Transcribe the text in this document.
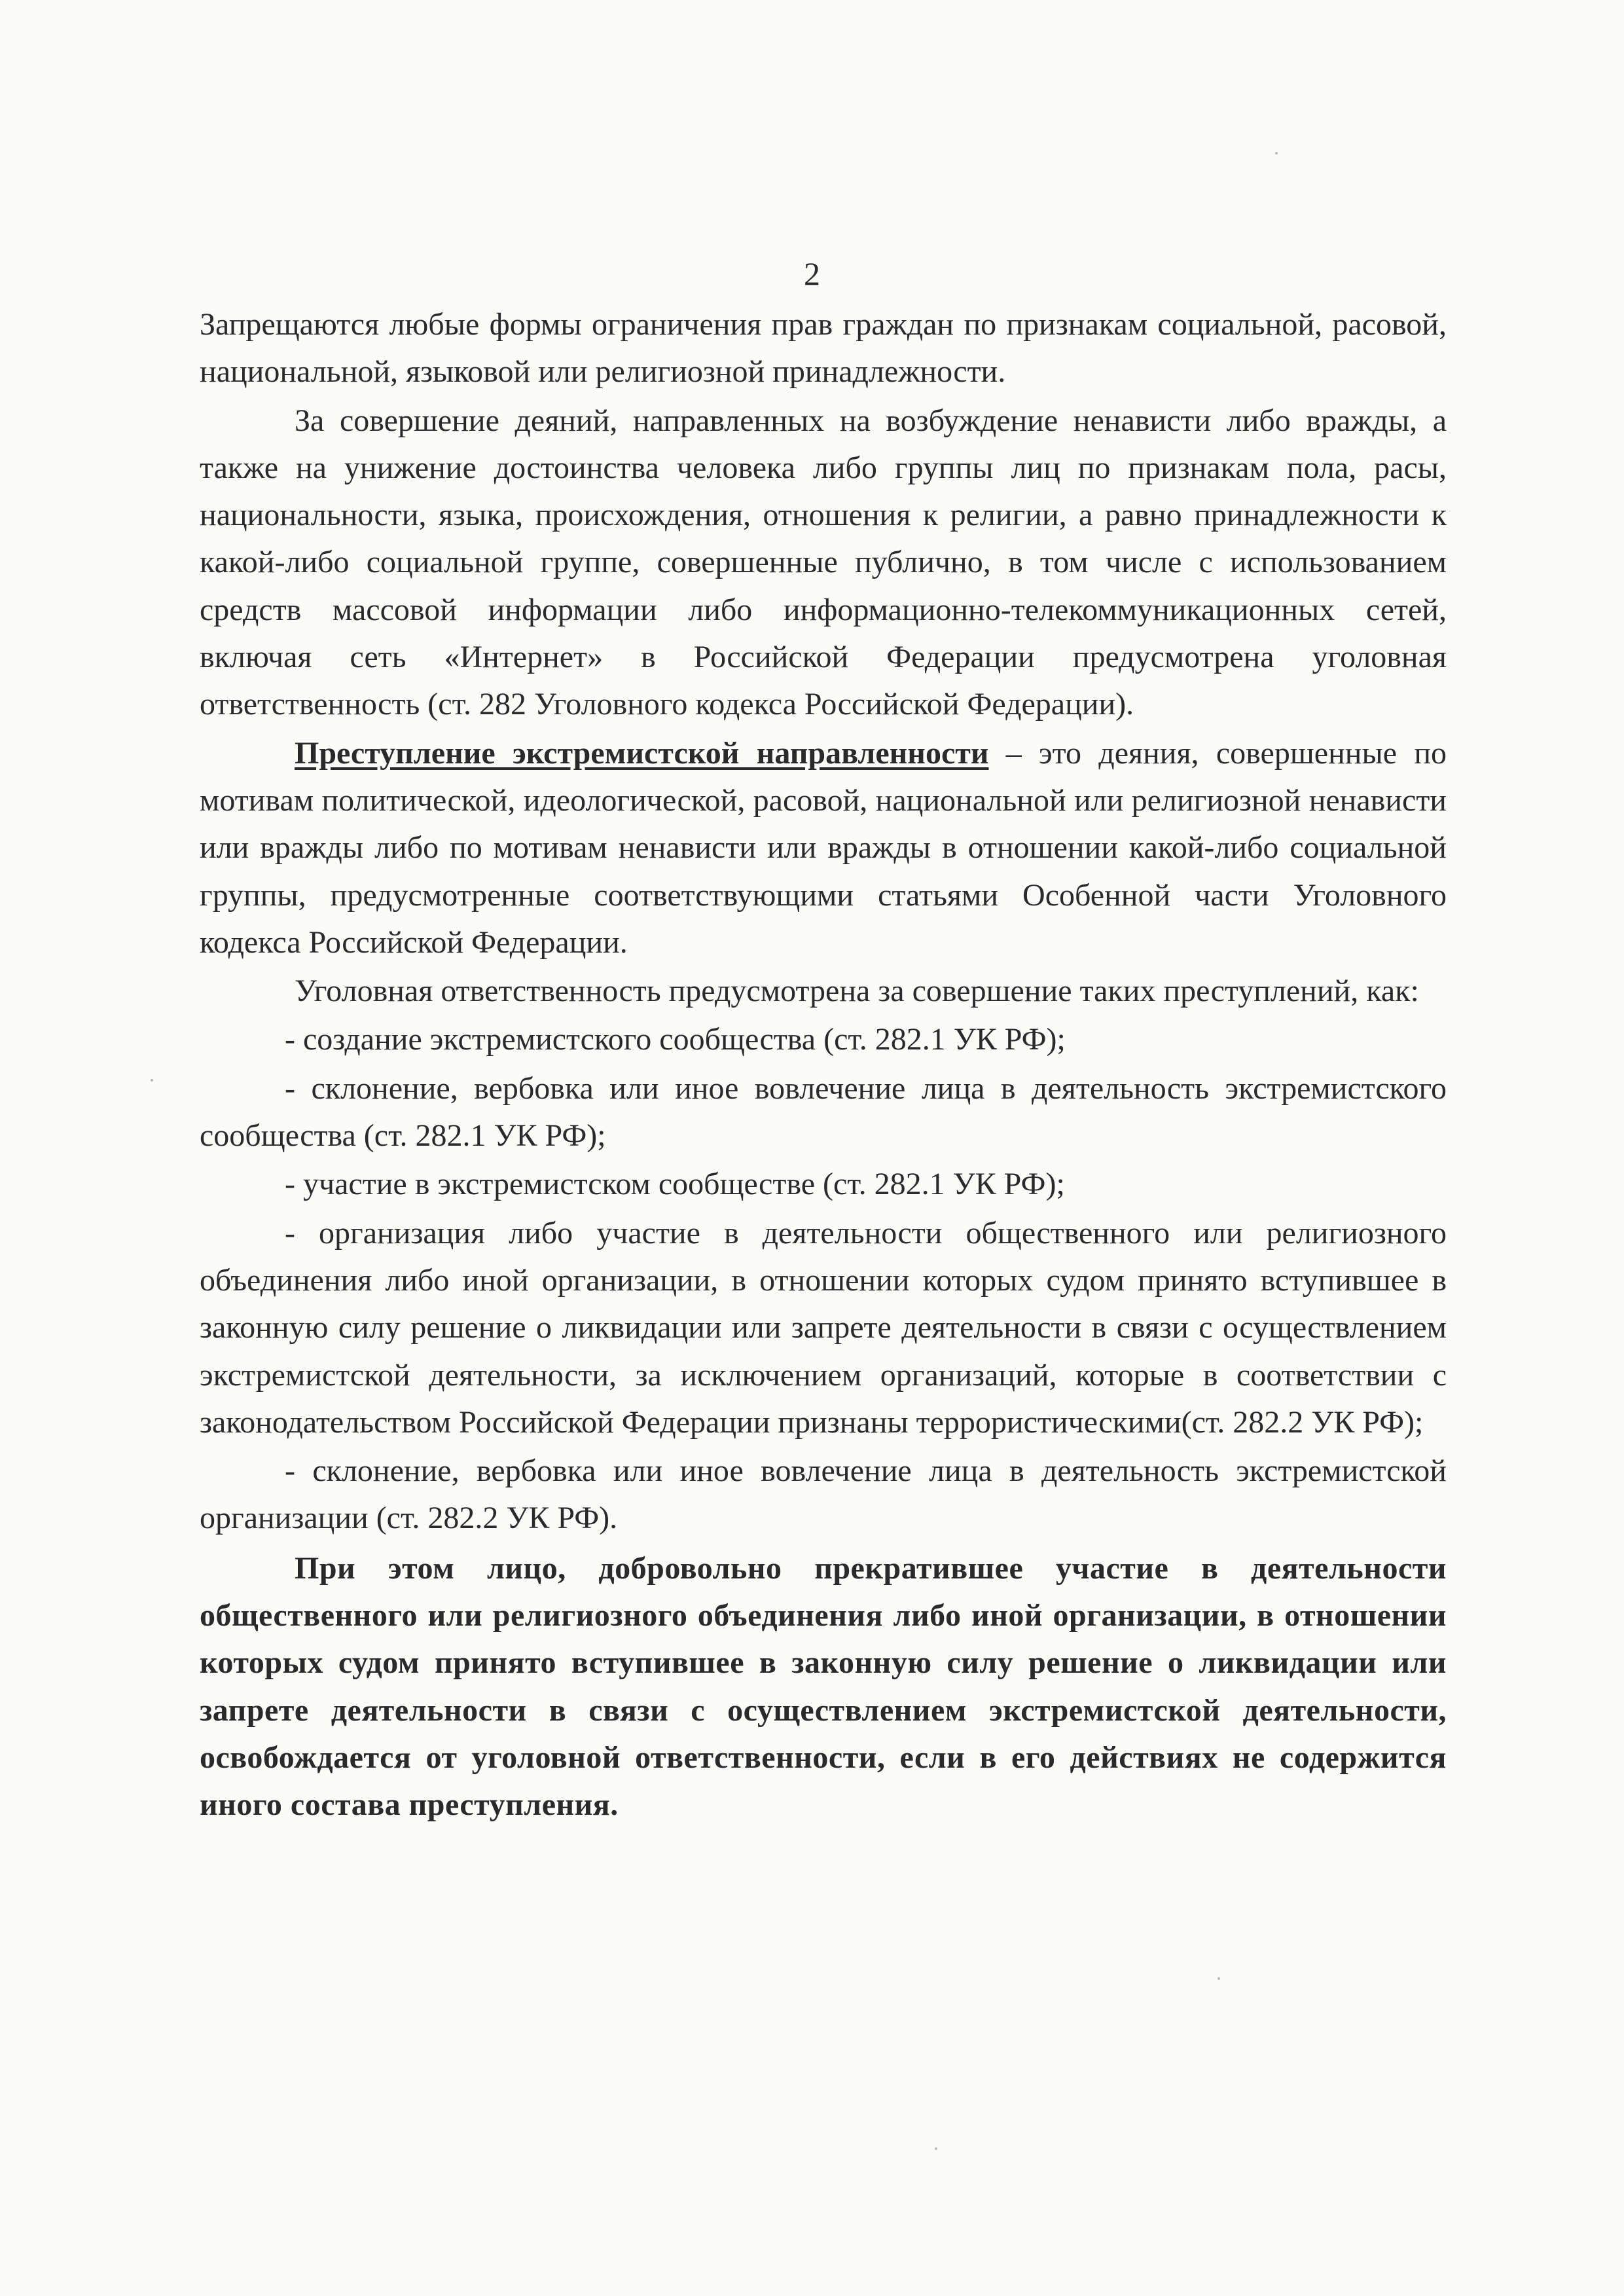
2

Запрещаются любые формы ограничения прав граждан по признакам социальной, расовой, национальной, языковой или религиозной принадлежности.

За совершение деяний, направленных на возбуждение ненависти либо вражды, а также на унижение достоинства человека либо группы лиц по признакам пола, расы, национальности, языка, происхождения, отношения к религии, а равно принадлежности к какой-либо социальной группе, совершенные публично, в том числе с использованием средств массовой информации либо информационно-телекоммуникационных сетей, включая сеть «Интернет» в Российской Федерации предусмотрена уголовная ответственность (ст. 282 Уголовного кодекса Российской Федерации).

Преступление экстремистской направленности – это деяния, совершенные по мотивам политической, идеологической, расовой, национальной или религиозной ненависти или вражды либо по мотивам ненависти или вражды в отношении какой-либо социальной группы, предусмотренные соответствующими статьями Особенной части Уголовного кодекса Российской Федерации.

Уголовная ответственность предусмотрена за совершение таких преступлений, как:

- создание экстремистского сообщества (ст. 282.1 УК РФ);

- склонение, вербовка или иное вовлечение лица в деятельность экстремистского сообщества (ст. 282.1 УК РФ);

- участие в экстремистском сообществе (ст. 282.1 УК РФ);

- организация либо участие в деятельности общественного или религиозного объединения либо иной организации, в отношении которых судом принято вступившее в законную силу решение о ликвидации или запрете деятельности в связи с осуществлением экстремистской деятельности, за исключением организаций, которые в соответствии с законодательством Российской Федерации признаны террористическими(ст. 282.2 УК РФ);

- склонение, вербовка или иное вовлечение лица в деятельность экстремистской организации (ст. 282.2 УК РФ).

При этом лицо, добровольно прекратившее участие в деятельности общественного или религиозного объединения либо иной организации, в отношении которых судом принято вступившее в законную силу решение о ликвидации или запрете деятельности в связи с осуществлением экстремистской деятельности, освобождается от уголовной ответственности, если в его действиях не содержится иного состава преступления.
